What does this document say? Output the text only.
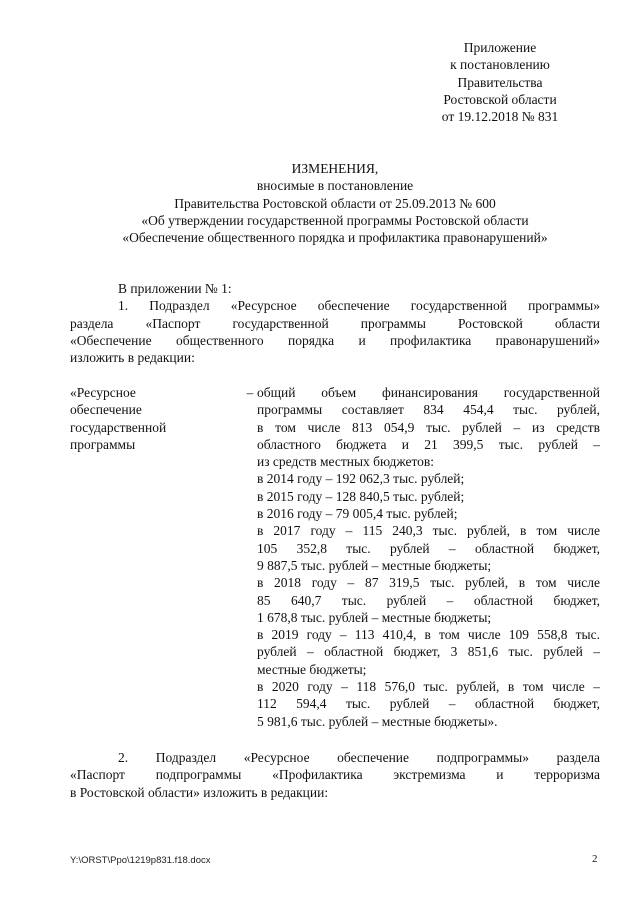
Приложение
к постановлению
Правительства
Ростовской области
от 19.12.2018 № 831
ИЗМЕНЕНИЯ,
вносимые в постановление
Правительства Ростовской области от 25.09.2013 № 600
«Об утверждении государственной программы Ростовской области
«Обеспечение общественного порядка и профилактика правонарушений»

В приложении № 1:

1. Подраздел «Ресурсное обеспечение государственной программы»

раздела «Паспорт государственной программы Ростовской области

«Обеспечение общественного порядка и профилактика правонарушений»

изложить в редакции:

«Ресурсное
обеспечение
государственной
программы
– общий объем финансирования государственной
программы составляет 834 454,4 тыс. рублей,
в том числе 813 054,9 тыс. рублей – из средств
областного бюджета и 21 399,5 тыс. рублей –
из средств местных бюджетов:
в 2014 году – 192 062,3 тыс. рублей;
в 2015 году – 128 840,5 тыс. рублей;
в 2016 году – 79 005,4 тыс. рублей;
в 2017 году – 115 240,3 тыс. рублей, в том числе
105 352,8 тыс. рублей – областной бюджет,
9 887,5 тыс. рублей – местные бюджеты;
в 2018 году – 87 319,5 тыс. рублей, в том числе
85 640,7 тыс. рублей – областной бюджет,
1 678,8 тыс. рублей – местные бюджеты;
в 2019 году – 113 410,4, в том числе 109 558,8 тыс.
рублей – областной бюджет, 3 851,6 тыс. рублей –
местные бюджеты;
в 2020 году – 118 576,0 тыс. рублей, в том числе –
112 594,4 тыс. рублей – областной бюджет,
5 981,6 тыс. рублей – местные бюджеты».
2. Подраздел «Ресурсное обеспечение подпрограммы» раздела
«Паспорт подпрограммы «Профилактика экстремизма и терроризма
в Ростовской области» изложить в редакции:
Y:\ORST\Ppo\1219p831.f18.docx	2
